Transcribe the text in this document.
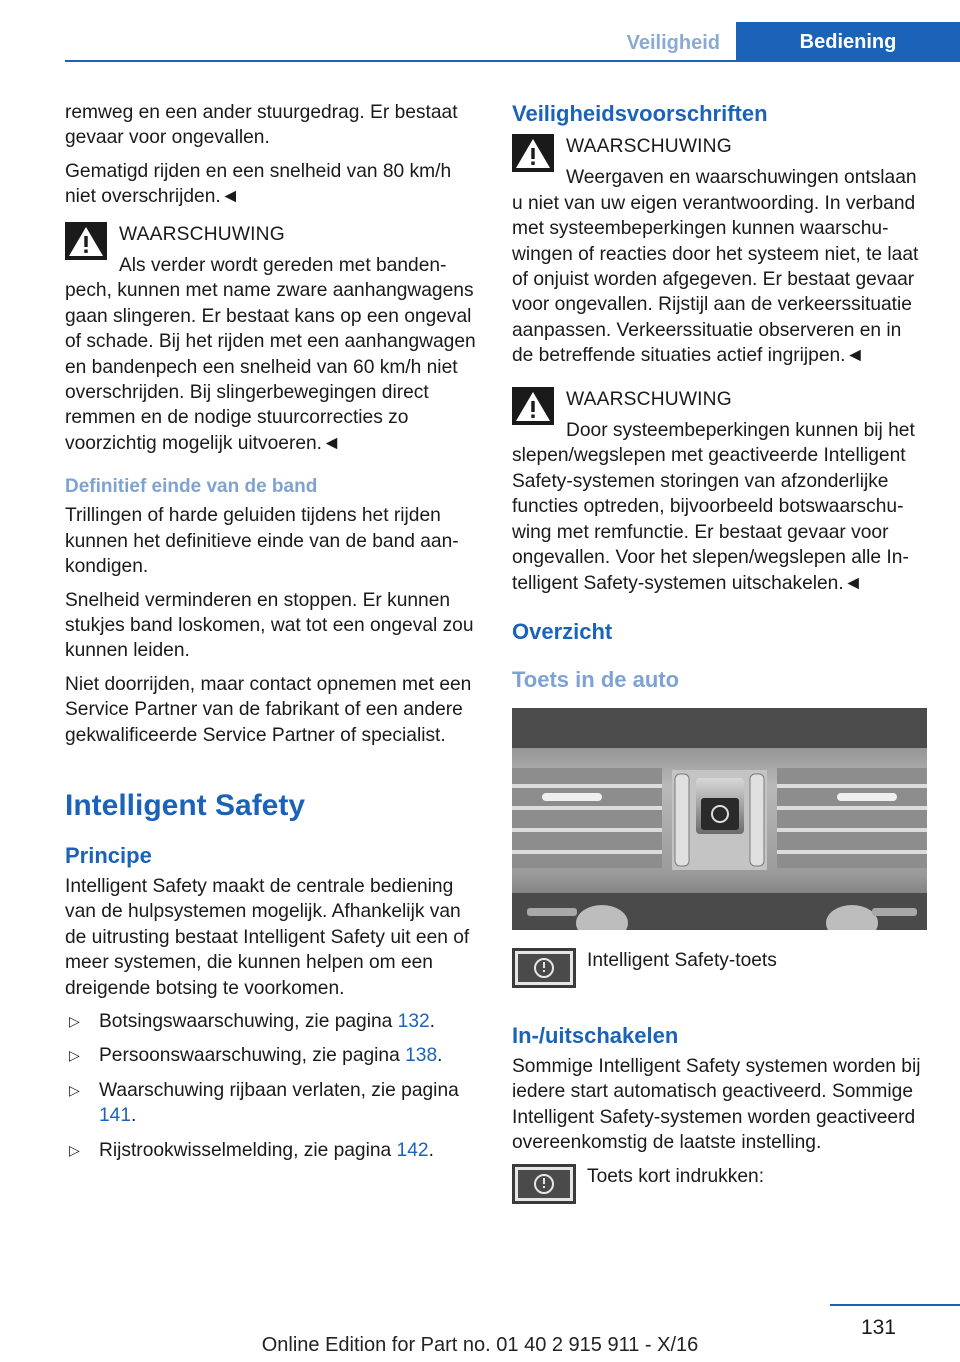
Veiligheid	Bediening

remweg en een ander stuurgedrag. Er bestaat gevaar voor ongevallen.

Gematigd rijden en een snelheid van 80 km/h niet overschrijden.◄

WAARSCHUWING
Als verder wordt gereden met bandenpech, kunnen met name zware aanhangwagens gaan slingeren. Er bestaat kans op een ongeval of schade. Bij het rijden met een aanhangwagen en bandenpech een snelheid van 60 km/h niet overschrijden. Bij slingerbewegingen direct remmen en de nodige stuurcorrecties zo voorzichtig mogelijk uitvoeren.◄
Definitief einde van de band

Trillingen of harde geluiden tijdens het rijden kunnen het definitieve einde van de band aankondigen.

Snelheid verminderen en stoppen. Er kunnen stukjes band loskomen, wat tot een ongeval zou kunnen leiden.

Niet doorrijden, maar contact opnemen met een Service Partner van de fabrikant of een andere gekwalificeerde Service Partner of specialist.

Intelligent Safety
Principe

Intelligent Safety maakt de centrale bediening van de hulpsystemen mogelijk. Afhankelijk van de uitrusting bestaat Intelligent Safety uit een of meer systemen, die kunnen helpen om een dreigende botsing te voorkomen.

▷ Botsingswaarschuwing, zie pagina 132.
▷ Persoonswaarschuwing, zie pagina 138.
▷ Waarschuwing rijbaan verlaten, zie pagina 141.
▷ Rijstrookwisselmelding, zie pagina 142.
Veiligheidsvoorschriften
WAARSCHUWING
Weergaven en waarschuwingen ontslaan u niet van uw eigen verantwoording. In verband met systeembeperkingen kunnen waarschuwingen of reacties door het systeem niet, te laat of onjuist worden afgegeven. Er bestaat gevaar voor ongevallen. Rijstijl aan de verkeerssituatie aanpassen. Verkeerssituatie observeren en in de betreffende situaties actief ingrijpen.◄
WAARSCHUWING
Door systeembeperkingen kunnen bij het slepen/wegslepen met geactiveerde Intelligent Safety-systemen storingen van afzonderlijke functies optreden, bijvoorbeeld botswaarschuwing met remfunctie. Er bestaat gevaar voor ongevallen. Voor het slepen/wegslepen alle Intelligent Safety-systemen uitschakelen.◄
Overzicht
Toets in de auto
Intelligent Safety-toets
In-/uitschakelen

Sommige Intelligent Safety systemen worden bij iedere start automatisch geactiveerd. Sommige Intelligent Safety-systemen worden geactiveerd overeenkomstig de laatste instelling.

Toets kort indrukken:
131
Online Edition for Part no. 01 40 2 915 911 - X/16
